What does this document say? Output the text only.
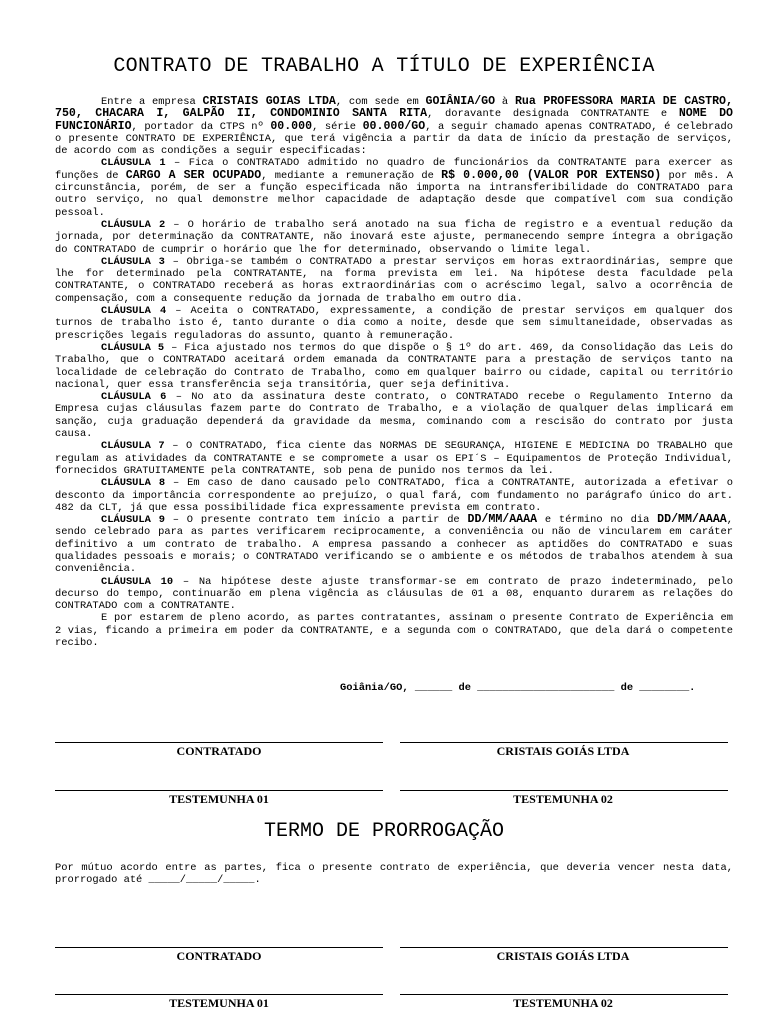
CONTRATO DE TRABALHO A TÍTULO DE EXPERIÊNCIA

Entre a empresa CRISTAIS GOIAS LTDA, com sede em GOIÂNIA/GO à Rua PROFESSORA MARIA DE CASTRO, 750, CHACARA I, GALPÃO II, CONDOMINIO SANTA RITA, doravante designada CONTRATANTE e NOME DO FUNCIONÁRIO, portador da CTPS nº 00.000, série 00.000/GO, a seguir chamado apenas CONTRATADO, é celebrado o presente CONTRATO DE EXPERIÊNCIA, que terá vigência a partir da data de início da prestação de serviços, de acordo com as condições a seguir especificadas:

CLÁUSULA 1 – Fica o CONTRATADO admitido no quadro de funcionários da CONTRATANTE para exercer as funções de CARGO A SER OCUPADO, mediante a remuneração de R$ 0.000,00 (VALOR POR EXTENSO) por mês. A circunstância, porém, de ser a função especificada não importa na intransferibilidade do CONTRATADO para outro serviço, no qual demonstre melhor capacidade de adaptação desde que compatível com sua condição pessoal.

CLÁUSULA 2 – O horário de trabalho será anotado na sua ficha de registro e a eventual redução da jornada, por determinação da CONTRATANTE, não inovará este ajuste, permanecendo sempre íntegra a obrigação do CONTRATADO de cumprir o horário que lhe for determinado, observando o limite legal.

CLÁUSULA 3 – Obriga-se também o CONTRATADO a prestar serviços em horas extraordinárias, sempre que lhe for determinado pela CONTRATANTE, na forma prevista em lei. Na hipótese desta faculdade pela CONTRATANTE, o CONTRATADO receberá as horas extraordinárias com o acréscimo legal, salvo a ocorrência de compensação, com a consequente redução da jornada de trabalho em outro dia.

CLÁUSULA 4 – Aceita o CONTRATADO, expressamente, a condição de prestar serviços em qualquer dos turnos de trabalho isto é, tanto durante o dia como a noite, desde que sem simultaneidade, observadas as prescrições legais reguladoras do assunto, quanto à remuneração.

CLÁUSULA 5 – Fica ajustado nos termos do que dispõe o § 1º do art. 469, da Consolidação das Leis do Trabalho, que o CONTRATADO aceitará ordem emanada da CONTRATANTE para a prestação de serviços tanto na localidade de celebração do Contrato de Trabalho, como em qualquer bairro ou cidade, capital ou território nacional, quer essa transferência seja transitória, quer seja definitiva.

CLÁUSULA 6 – No ato da assinatura deste contrato, o CONTRATADO recebe o Regulamento Interno da Empresa cujas cláusulas fazem parte do Contrato de Trabalho, e a violação de qualquer delas implicará em sanção, cuja graduação dependerá da gravidade da mesma, cominando com a rescisão do contrato por justa causa.

CLÁUSULA 7 – O CONTRATADO, fica ciente das NORMAS DE SEGURANÇA, HIGIENE E MEDICINA DO TRABALHO que regulam as atividades da CONTRATANTE e se compromete a usar os EPI´S – Equipamentos de Proteção Individual, fornecidos GRATUITAMENTE pela CONTRATANTE, sob pena de punido nos termos da lei.

CLÁUSULA 8 – Em caso de dano causado pelo CONTRATADO, fica a CONTRATANTE, autorizada a efetivar o desconto da importância correspondente ao prejuízo, o qual fará, com fundamento no parágrafo único do art. 482 da CLT, já que essa possibilidade fica expressamente prevista em contrato.

CLÁUSULA 9 – O presente contrato tem início a partir de DD/MM/AAAA e término no dia DD/MM/AAAA, sendo celebrado para as partes verificarem reciprocamente, a conveniência ou não de vincularem em caráter definitivo a um contrato de trabalho. A empresa passando a conhecer as aptidões do CONTRATADO e suas qualidades pessoais e morais; o CONTRATADO verificando se o ambiente e os métodos de trabalhos atendem à sua conveniência.

CLÁUSULA 10 – Na hipótese deste ajuste transformar-se em contrato de prazo indeterminado, pelo decurso do tempo, continuarão em plena vigência as cláusulas de 01 a 08, enquanto durarem as relações do CONTRATADO com a CONTRATANTE.

E por estarem de pleno acordo, as partes contratantes, assinam o presente Contrato de Experiência em 2 vias, ficando a primeira em poder da CONTRATANTE, e a segunda com o CONTRATADO, que dela dará o competente recibo.

Goiânia/GO, ______ de ______________________ de ________.
CONTRATADO	CRISTAIS GOIÁS LTDA
TESTEMUNHA 01	TESTEMUNHA 02
TERMO DE PRORROGAÇÃO
Por mútuo acordo entre as partes, fica o presente contrato de experiência, que deveria vencer nesta data, prorrogado até _____/_____/_____.
CONTRATADO	CRISTAIS GOIÁS LTDA
TESTEMUNHA 01	TESTEMUNHA 02
